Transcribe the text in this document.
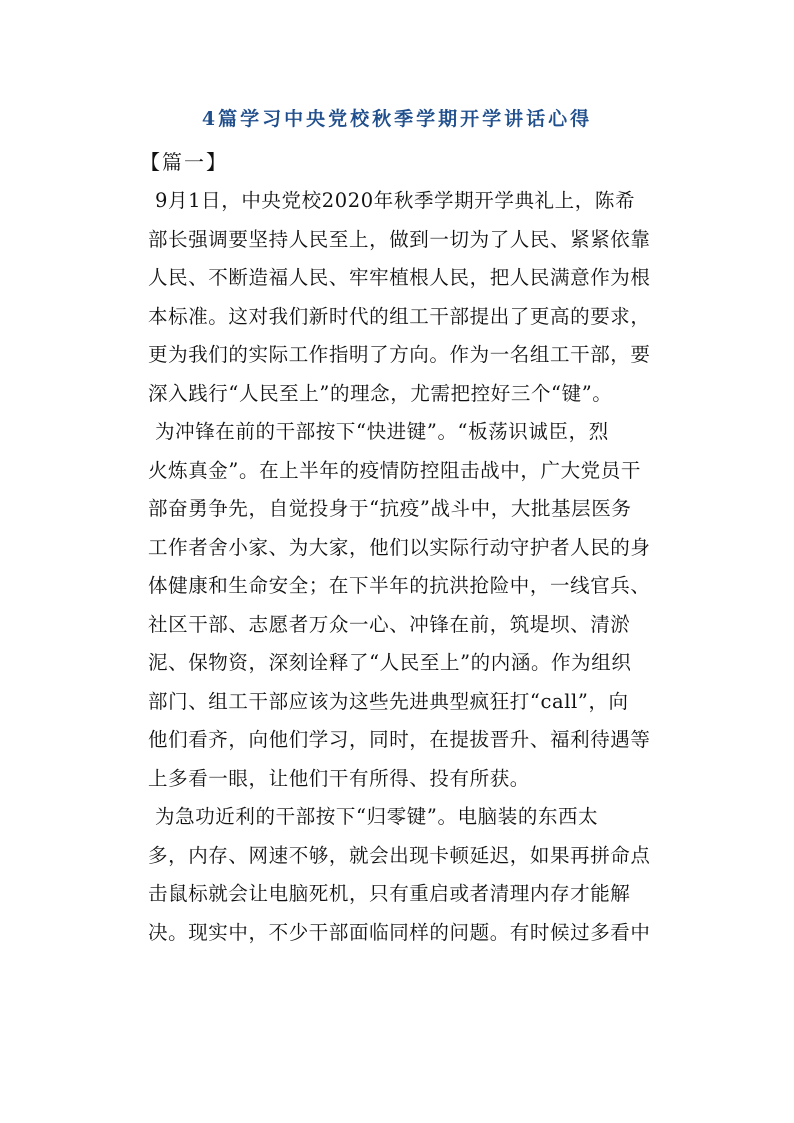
4篇学习中央党校秋季学期开学讲话心得
【篇一】
9月1日，中央党校2020年秋季学期开学典礼上，陈希
部长强调要坚持人民至上，做到一切为了人民、紧紧依靠
人民、不断造福人民、牢牢植根人民，把人民满意作为根
本标准。这对我们新时代的组工干部提出了更高的要求，
更为我们的实际工作指明了方向。作为一名组工干部，要
深入践行“人民至上”的理念，尤需把控好三个“键”。
为冲锋在前的干部按下“快进键”。“板荡识诚臣，烈
火炼真金”。在上半年的疫情防控阻击战中，广大党员干
部奋勇争先，自觉投身于“抗疫”战斗中，大批基层医务
工作者舍小家、为大家，他们以实际行动守护者人民的身
体健康和生命安全；在下半年的抗洪抢险中，一线官兵、
社区干部、志愿者万众一心、冲锋在前，筑堤坝、清淤
泥、保物资，深刻诠释了“人民至上”的内涵。作为组织
部门、组工干部应该为这些先进典型疯狂打“call”，向
他们看齐，向他们学习，同时，在提拔晋升、福利待遇等
上多看一眼，让他们干有所得、投有所获。
为急功近利的干部按下“归零键”。电脑装的东西太
多，内存、网速不够，就会出现卡顿延迟，如果再拼命点
击鼠标就会让电脑死机，只有重启或者清理内存才能解
决。现实中，不少干部面临同样的问题。有时候过多看中
